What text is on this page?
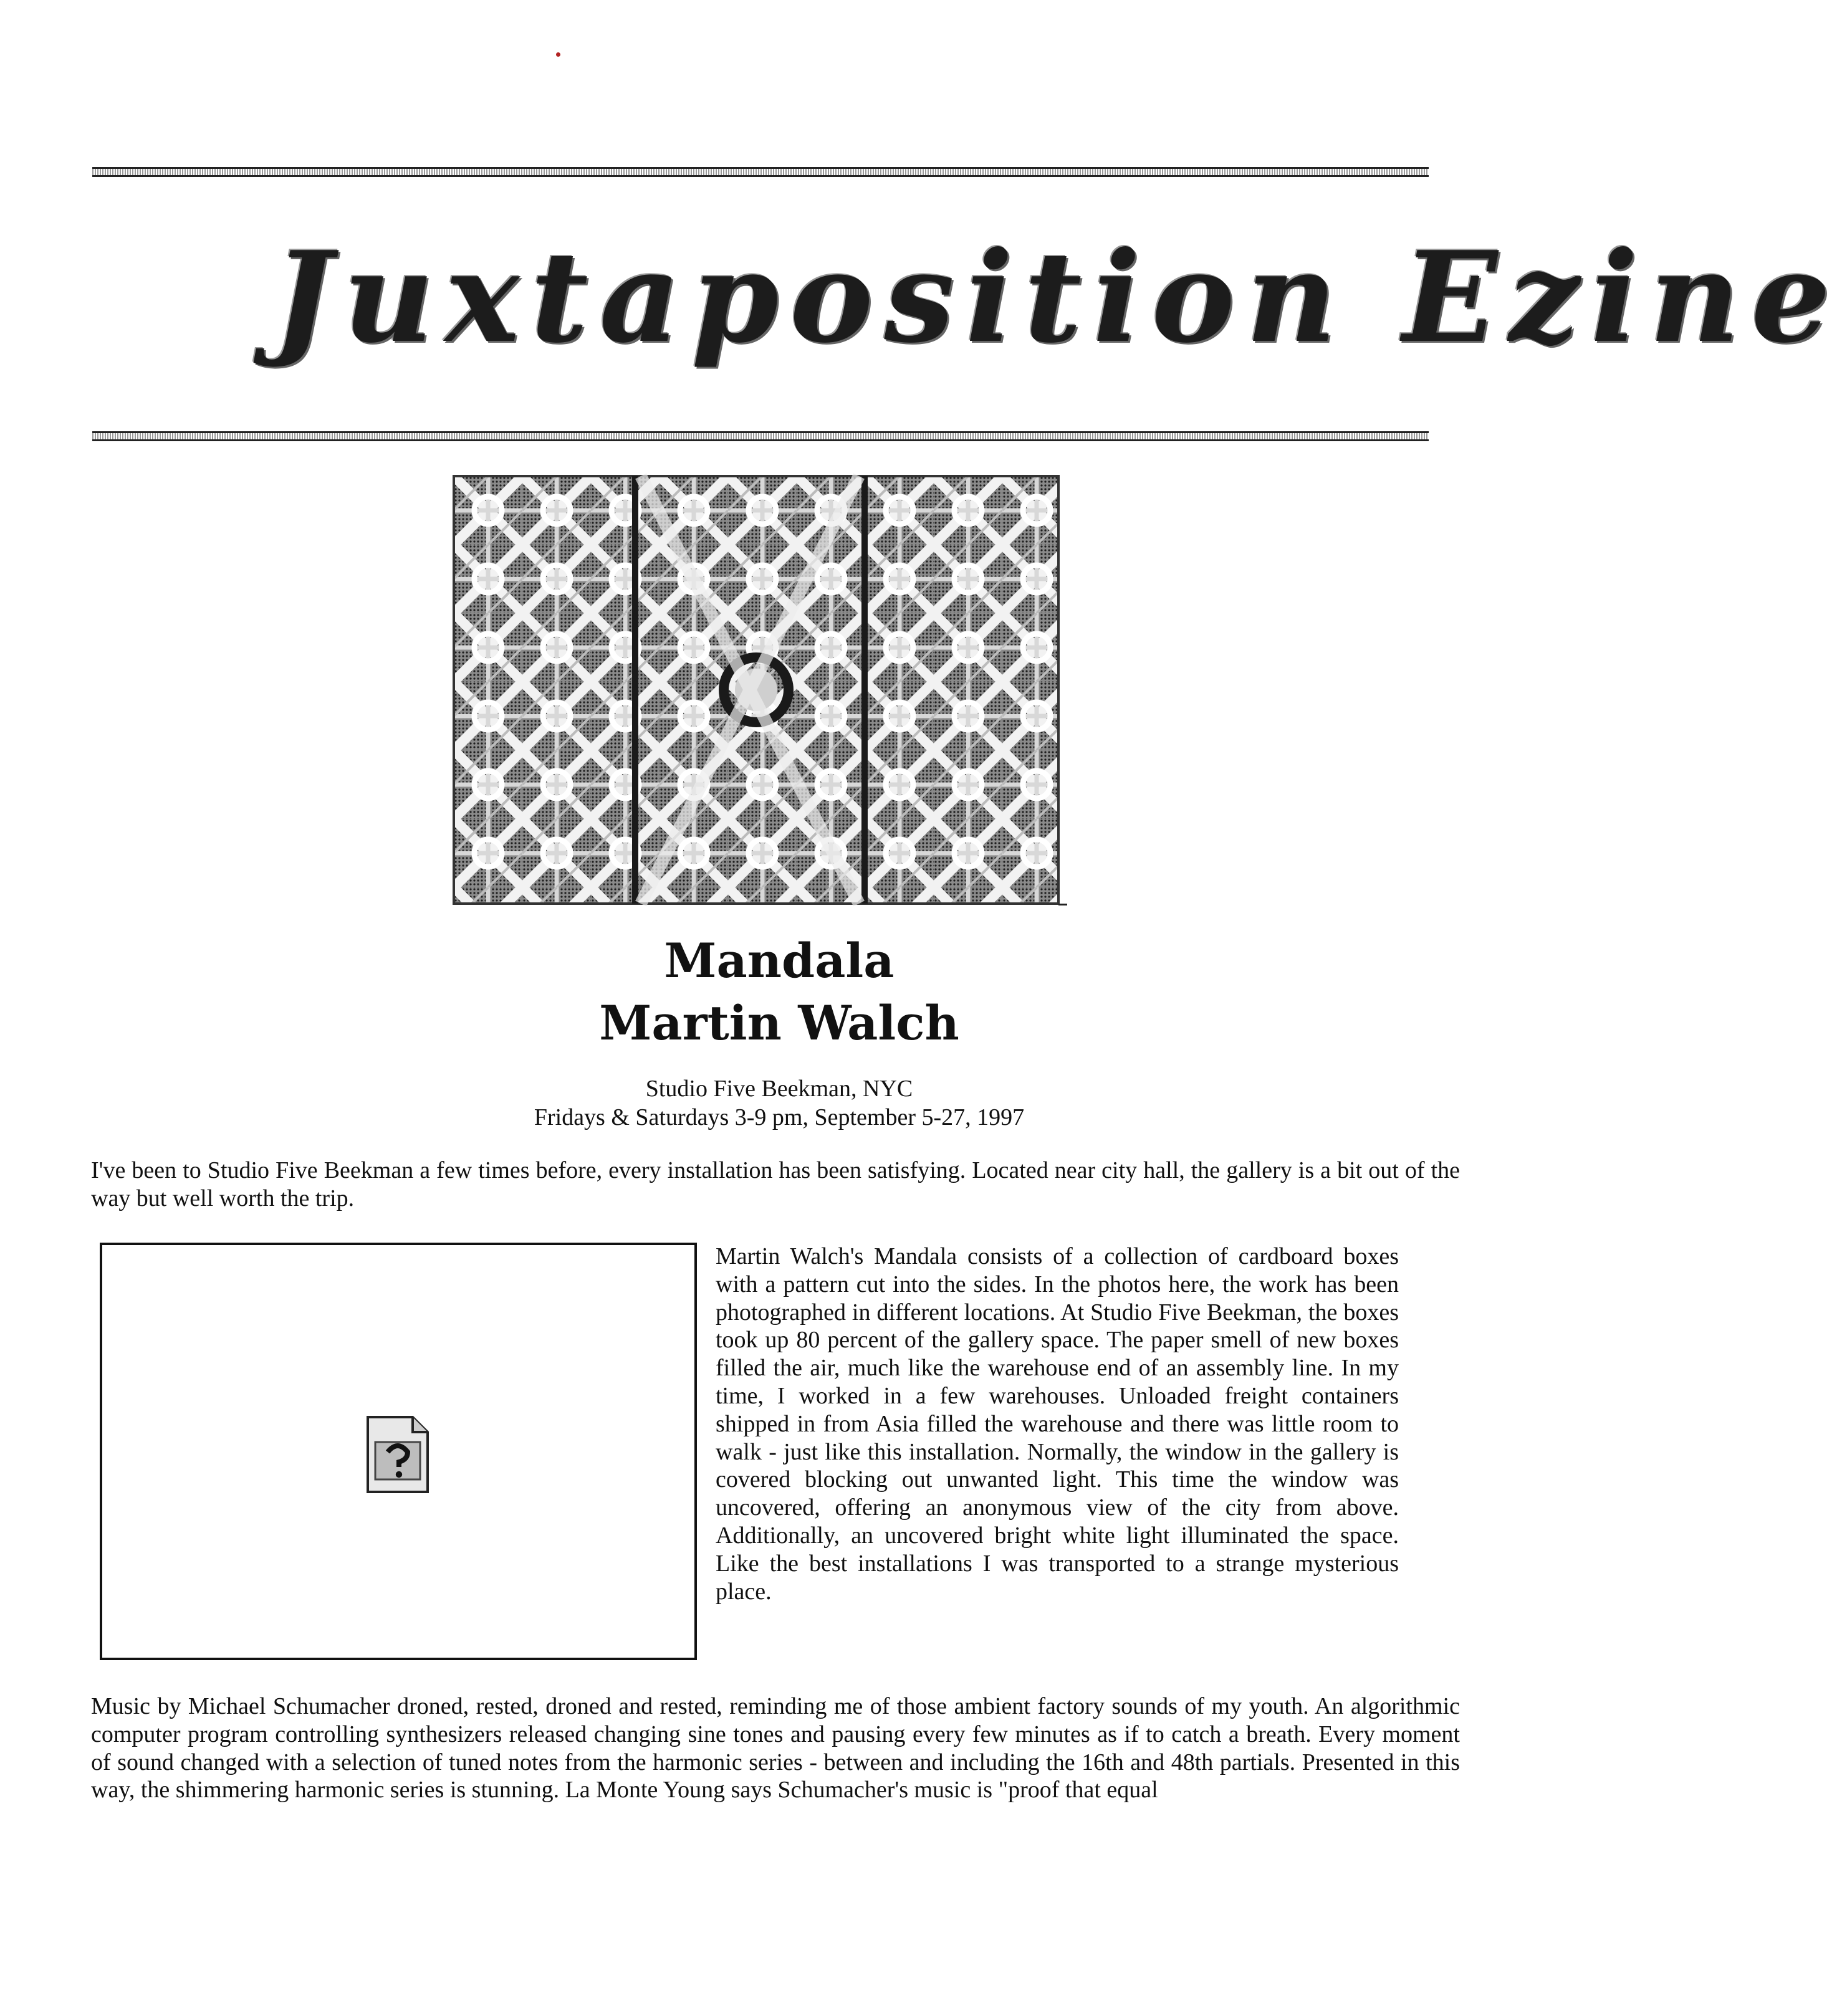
Juxtaposition Ezine
Mandala
Martin Walch
Studio Five Beekman, NYC
Fridays & Saturdays 3-9 pm, September 5-27, 1997

I've been to Studio Five Beekman a few times before, every installation has been satisfying. Located near city hall, the gallery is a bit out of the way but well worth the trip.

Martin Walch's Mandala consists of a collection of cardboard boxes with a pattern cut into the sides. In the photos here, the work has been photographed in different locations. At Studio Five Beekman, the boxes took up 80 percent of the gallery space. The paper smell of new boxes filled the air, much like the warehouse end of an assembly line. In my time, I worked in a few warehouses. Unloaded freight containers shipped in from Asia filled the warehouse and there was little room to walk - just like this installation. Normally, the window in the gallery is covered blocking out unwanted light. This time the window was uncovered, offering an anonymous view of the city from above. Additionally, an uncovered bright white light illuminated the space. Like the best installations I was transported to a strange mysterious place.

Music by Michael Schumacher droned, rested, droned and rested, reminding me of those ambient factory sounds of my youth. An algorithmic computer program controlling synthesizers released changing sine tones and pausing every few minutes as if to catch a breath. Every moment of sound changed with a selection of tuned notes from the harmonic series - between and including the 16th and 48th partials. Presented in this way, the shimmering harmonic series is stunning. La Monte Young says Schumacher's music is "proof that equal
